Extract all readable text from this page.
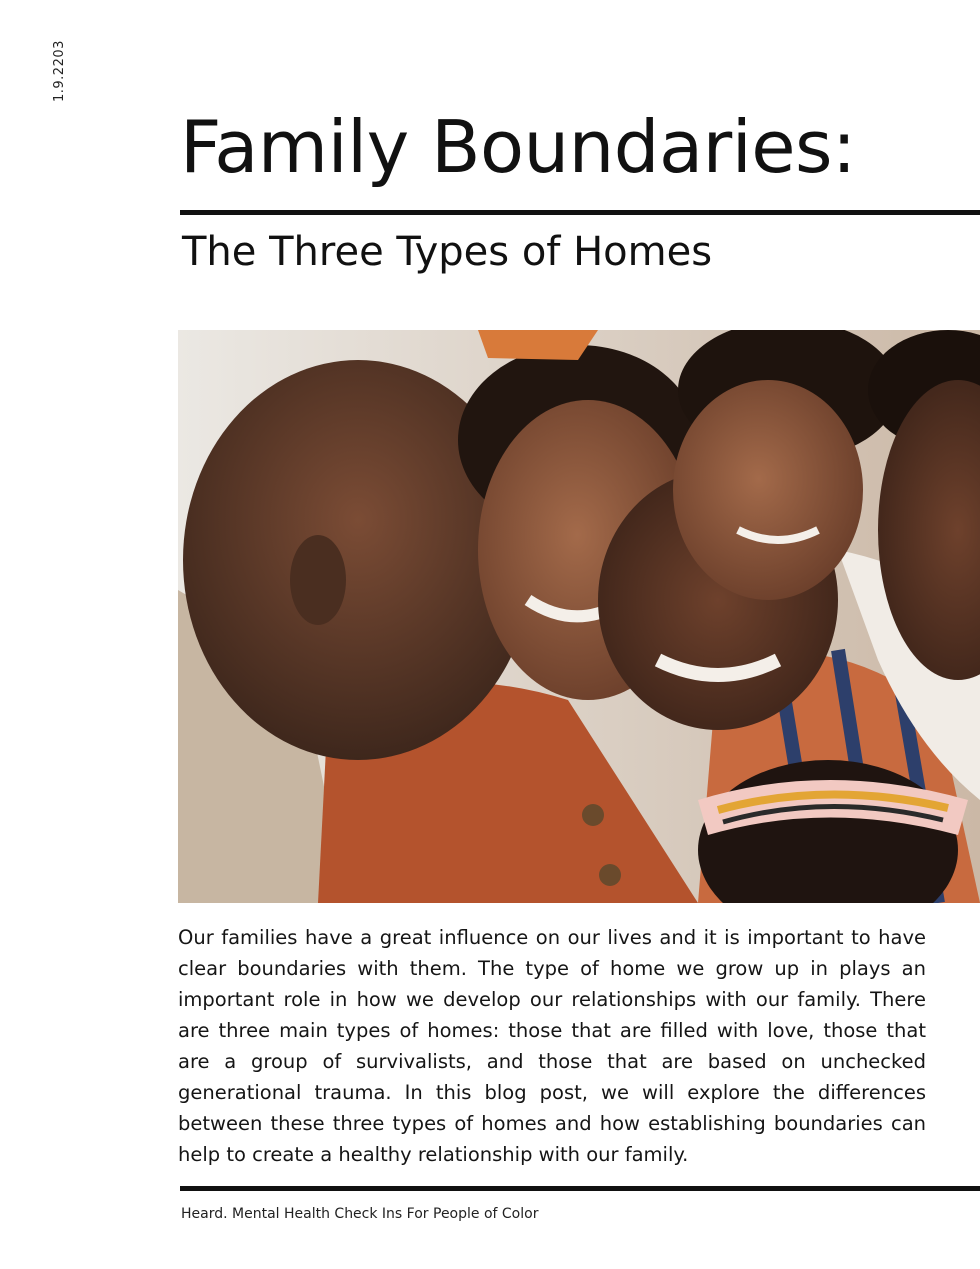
1.9.2203
Family Boundaries:
The Three Types of Homes

Our families have a great influence on our lives and it is important to have clear boundaries with them. The type of home we grow up in plays an important role in how we develop our relationships with our family. There are three main types of homes: those that are filled with love, those that are a group of survivalists, and those that are based on unchecked generational trauma. In this blog post, we will explore the differences between these three types of homes and how establishing boundaries can help to create a healthy relationship with our family.

Heard. Mental Health Check Ins For People of Color
